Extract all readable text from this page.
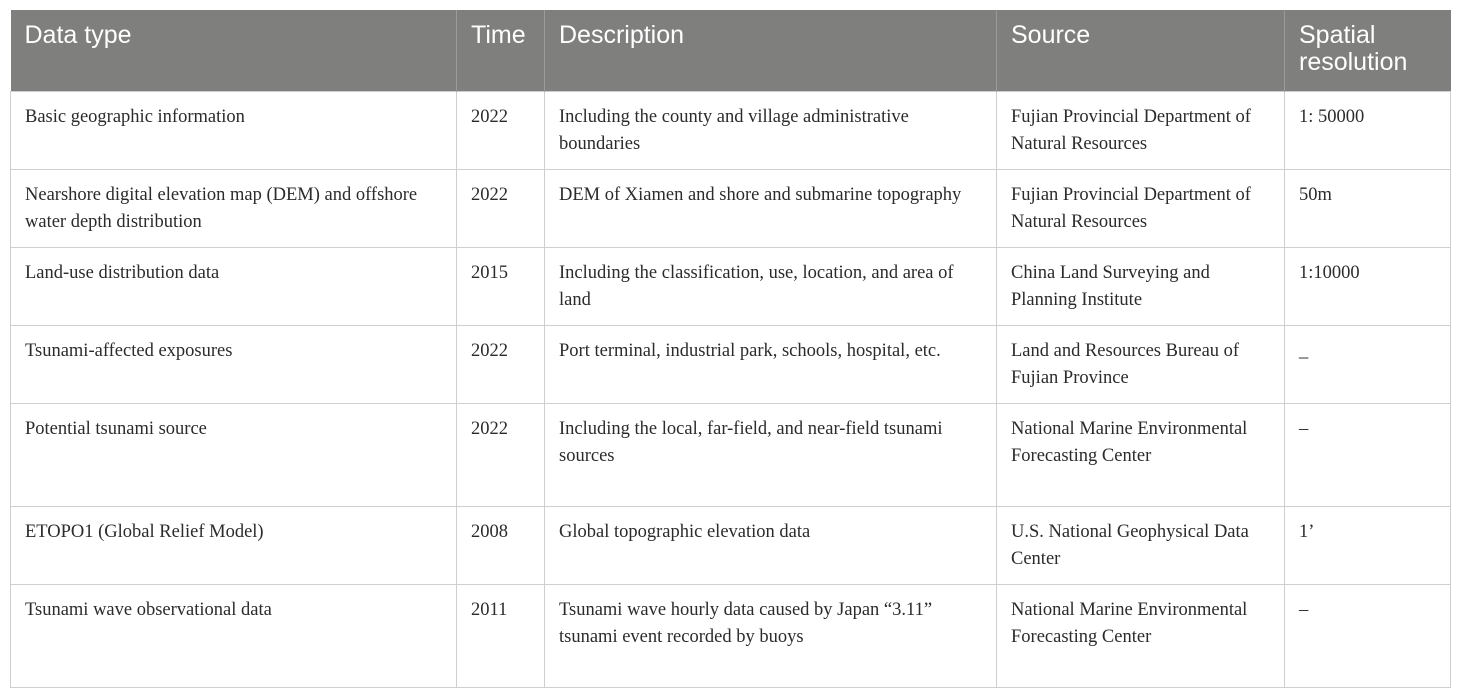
Data type	Time	Description	Source	Spatial resolution
Basic geographic information	2022	Including the county and village administrative boundaries	Fujian Provincial Department of Natural Resources	1: 50000
Nearshore digital elevation map (DEM) and offshore water depth distribution	2022	DEM of Xiamen and shore and submarine topography	Fujian Provincial Department of Natural Resources	50m
Land-use distribution data	2015	Including the classification, use, location, and area of land	China Land Surveying and Planning Institute	1:10000
Tsunami-affected exposures	2022	Port terminal, industrial park, schools, hospital, etc.	Land and Resources Bureau of Fujian Province	_
Potential tsunami source	2022	Including the local, far-field, and near-field tsunami sources	National Marine Environmental Forecasting Center	–
ETOPO1 (Global Relief Model)	2008	Global topographic elevation data	U.S. National Geophysical Data Center	1’
Tsunami wave observational data	2011	Tsunami wave hourly data caused by Japan “3.11” tsunami event recorded by buoys	National Marine Environmental Forecasting Center	–
